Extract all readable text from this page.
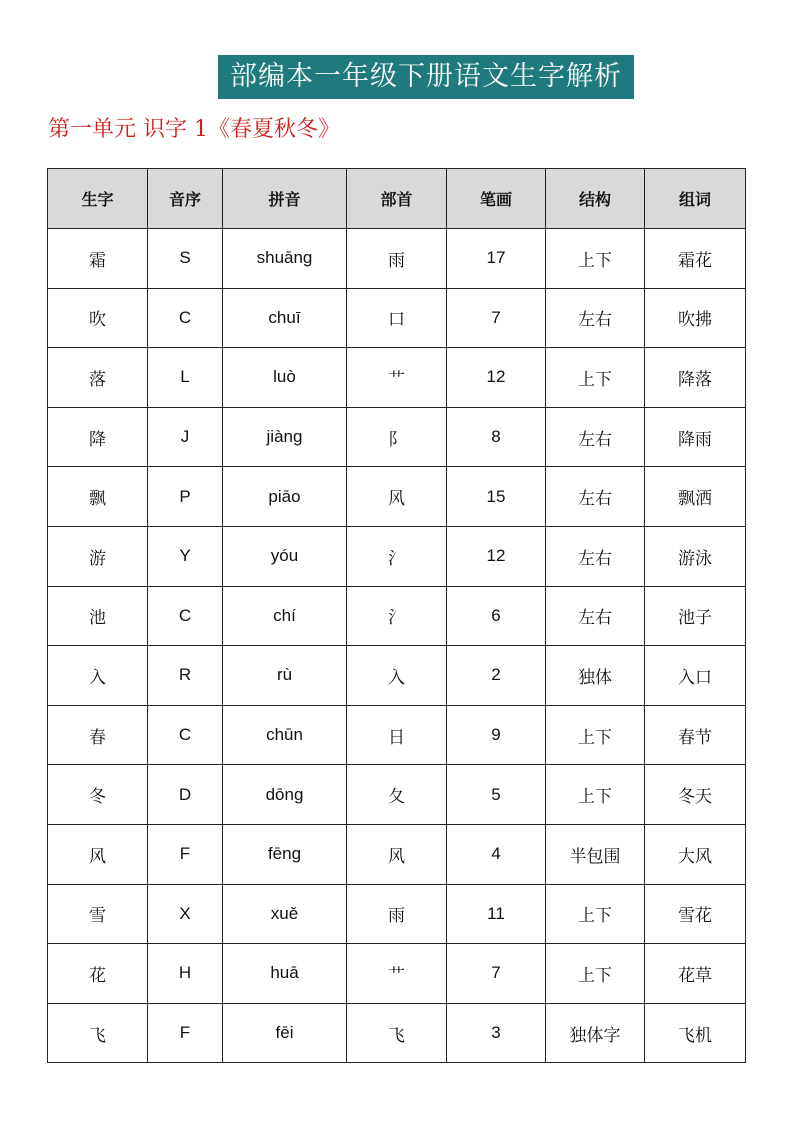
部编本一年级下册语文生字解析
第一单元 识字 1《春夏秋冬》
生字	音序	拼音	部首	笔画	结构	组词
霜	S	shuāng	雨	17	上下	霜花
吹	C	chuī	口	7	左右	吹拂
落	L	luò	艹	12	上下	降落
降	J	jiàng	阝	8	左右	降雨
飘	P	piāo	风	15	左右	飘洒
游	Y	yóu	氵	12	左右	游泳
池	C	chí	氵	6	左右	池子
入	R	rù	入	2	独体	入口
春	C	chūn	日	9	上下	春节
冬	D	dōng	夂	5	上下	冬天
风	F	fēng	风	4	半包围	大风
雪	X	xuě	雨	11	上下	雪花
花	H	huā	艹	7	上下	花草
飞	F	fēi	飞	3	独体字	飞机
